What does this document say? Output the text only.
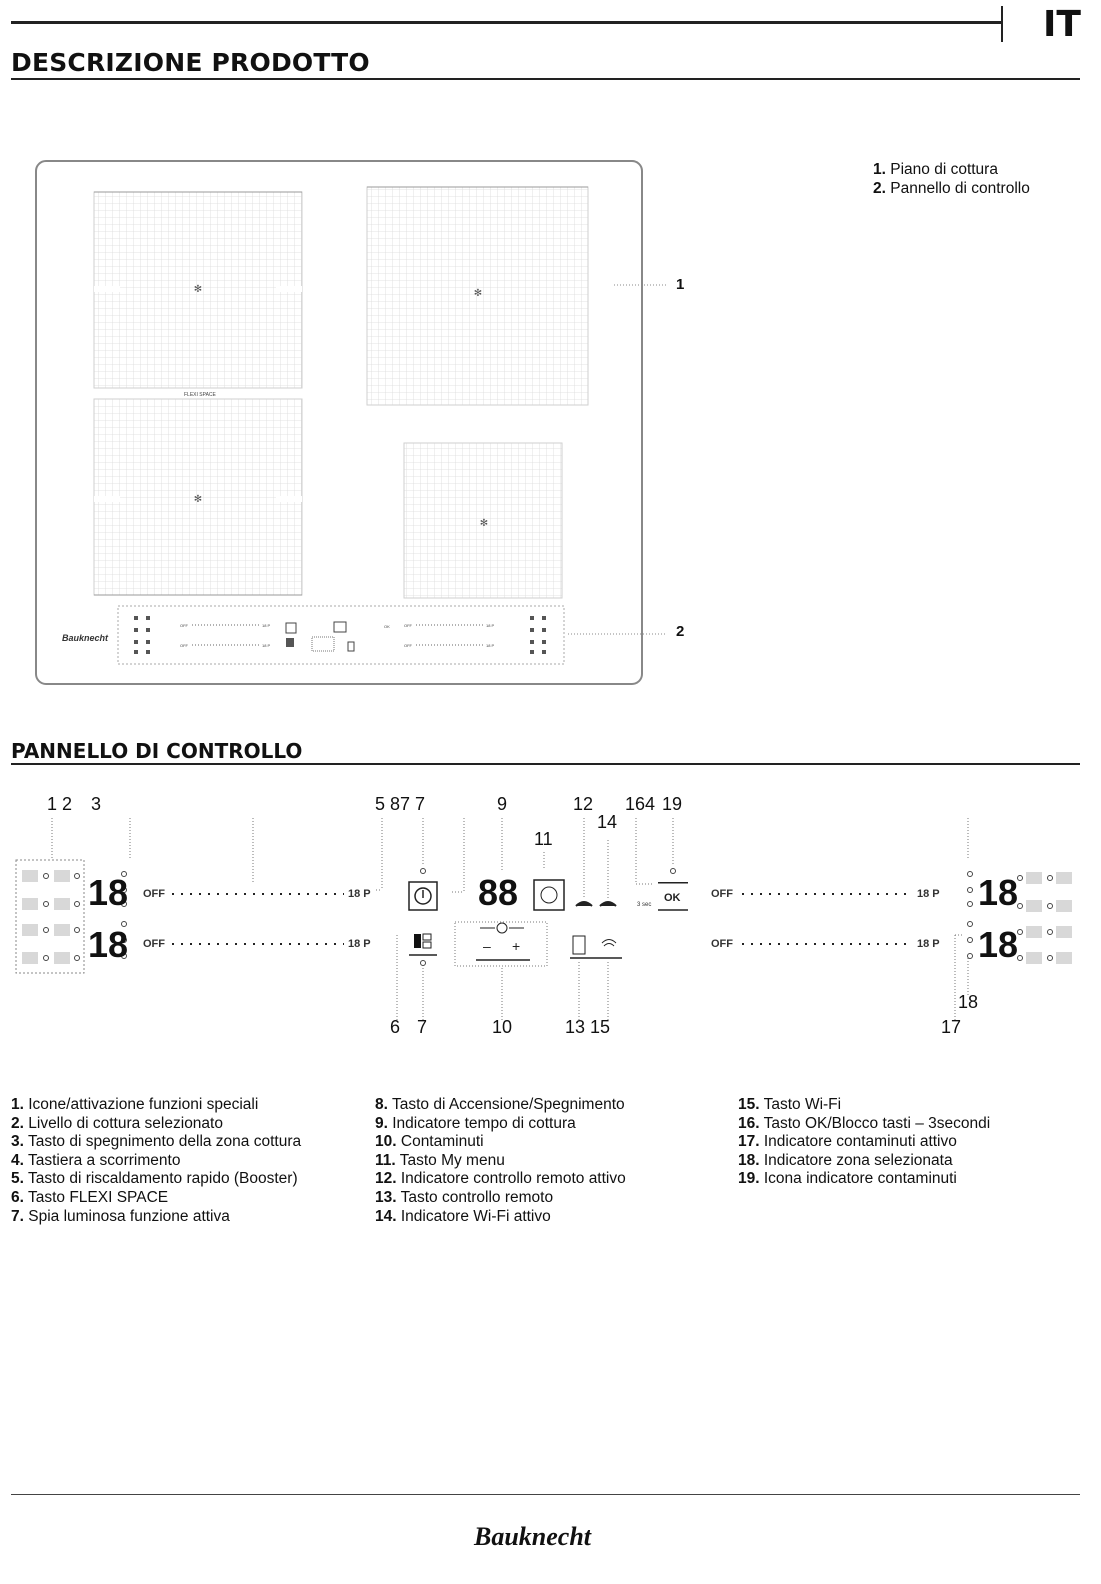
IT
DESCRIZIONE PRODOTTO
✻
✻
FLEXI SPACE
✻
✻
Bauknecht
OFF
OFF
18 P
18 P
OFF
OFF
18 P
18 P
OK
1
2
1. Piano di cottura
2. Pannello di controllo
PANNELLO DI CONTROLLO
1 2 3	5 8 7 7	9
11
12
14
164 19
6 7	10	13 15
18
17
18
18
OFF
OFF
18 P
18 P
88
– +
3 sec
OK	OFF
OFF
18 P
18 P
18
18
1. Icone/attivazione funzioni speciali
2. Livello di cottura selezionato
3. Tasto di spegnimento della zona cottura
4. Tastiera a scorrimento
5. Tasto di riscaldamento rapido (Booster)
6. Tasto FLEXI SPACE
7. Spia luminosa funzione attiva
8. Tasto di Accensione/Spegnimento
9. Indicatore tempo di cottura
10. Contaminuti
11. Tasto My menu
12. Indicatore controllo remoto attivo
13. Tasto controllo remoto
14. Indicatore Wi-Fi attivo
15. Tasto Wi-Fi
16. Tasto OK/Blocco tasti – 3secondi
17. Indicatore contaminuti attivo
18. Indicatore zona selezionata
19. Icona indicatore contaminuti
Bauknecht
